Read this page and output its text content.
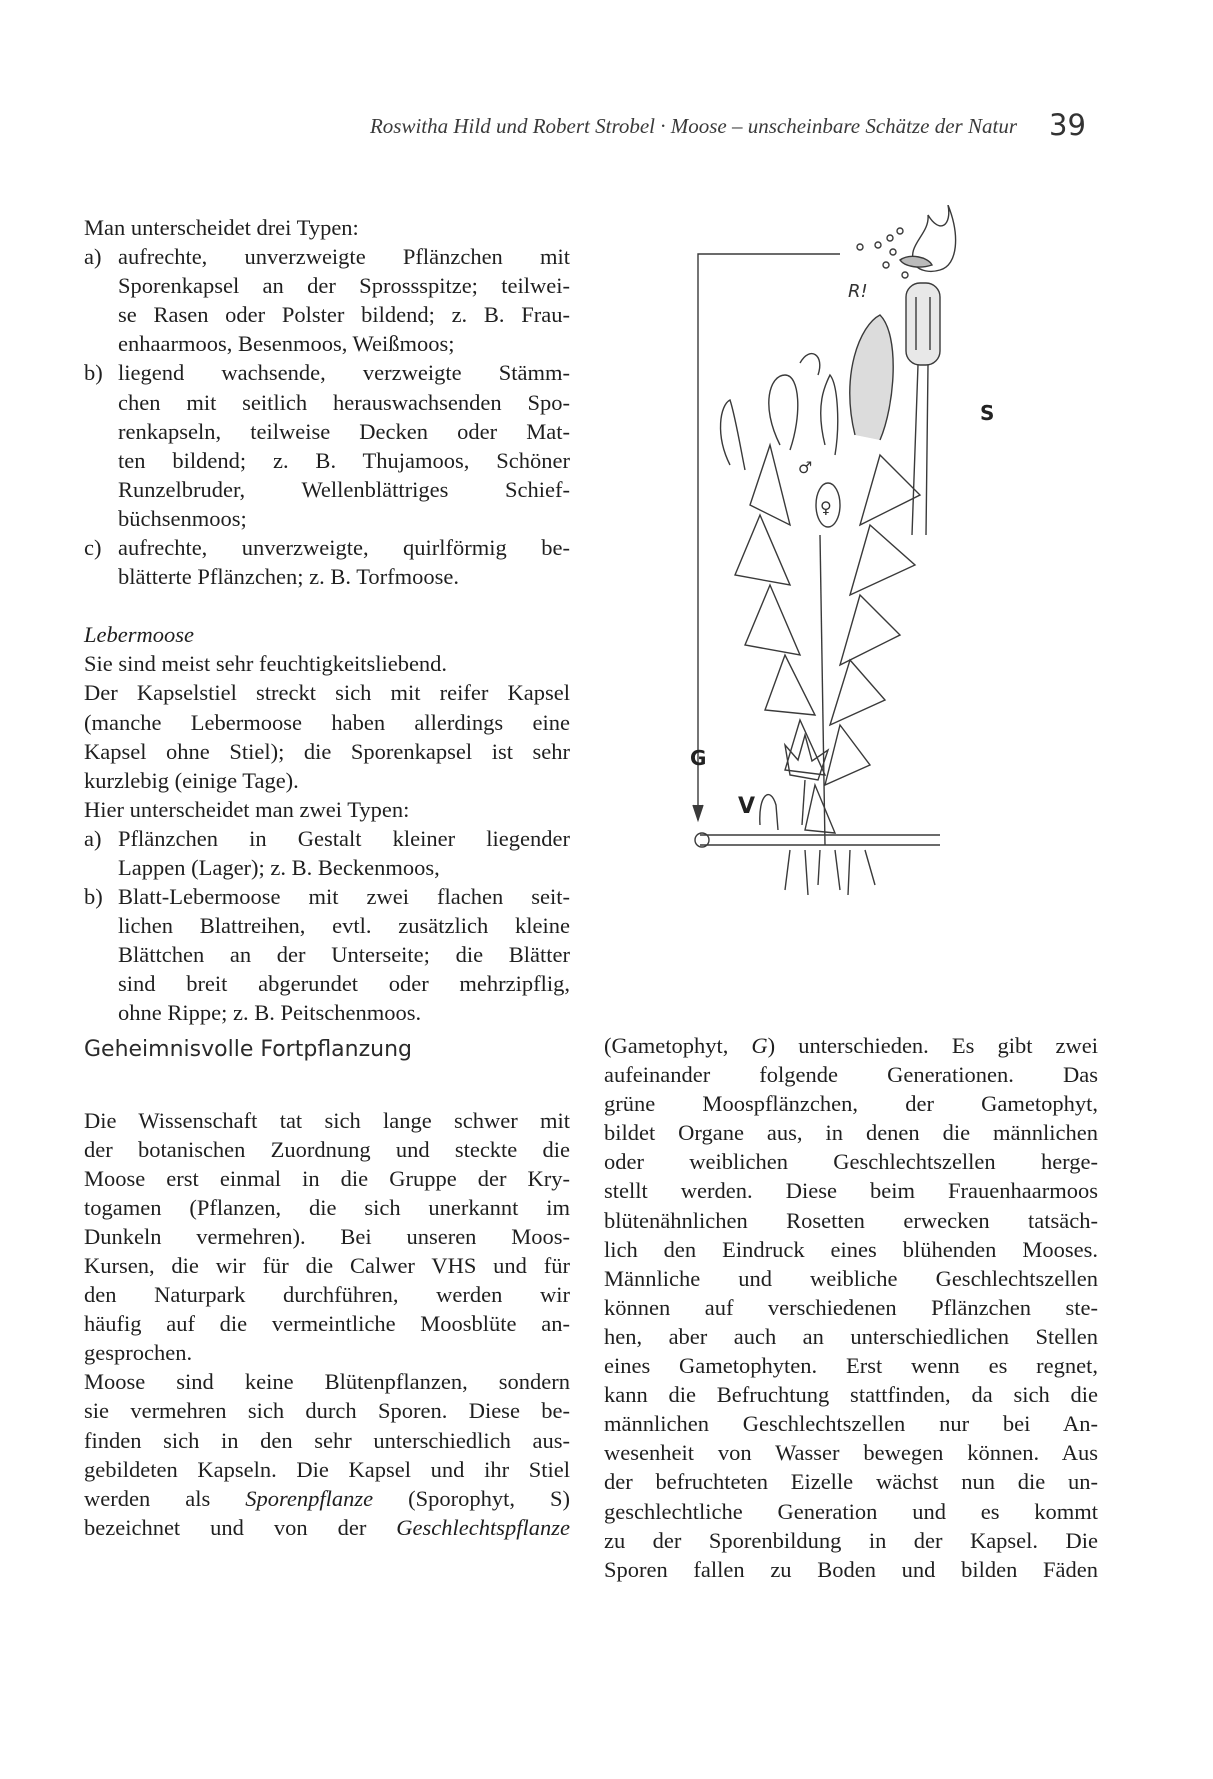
Roswitha Hild und Robert Strobel · Moose – unscheinbare Schätze der Natur 39
Man unterscheidet drei Typen:
a) aufrechte, unverzweigte Pflänzchen mit
Sporenkapsel an der Sprossspitze; teilwei-
se Rasen oder Polster bildend; z. B. Frau-
enhaarmoos, Besenmoos, Weißmoos;
b) liegend wachsende, verzweigte Stämm-
chen mit seitlich herauswachsenden Spo-
renkapseln, teilweise Decken oder Mat-
ten bildend; z. B. Thujamoos, Schöner
Runzelbruder, Wellenblättriges Schief-
büchsenmoos;
c) aufrechte, unverzweigte, quirlförmig be-
blätterte Pflänzchen; z. B. Torfmoose.
Lebermoose
Sie sind meist sehr feuchtigkeitsliebend.
Der Kapselstiel streckt sich mit reifer Kapsel
(manche Lebermoose haben allerdings eine
Kapsel ohne Stiel); die Sporenkapsel ist sehr
kurzlebig (einige Tage).
Hier unterscheidet man zwei Typen:
a) Pflänzchen in Gestalt kleiner liegender
Lappen (Lager); z. B. Beckenmoos,
b) Blatt-Lebermoose mit zwei flachen seit-
lichen Blattreihen, evtl. zusätzlich kleine
Blättchen an der Unterseite; die Blätter
sind breit abgerundet oder mehrzipflig,
ohne Rippe; z. B. Peitschenmoos.
Geheimnisvolle Fortpflanzung
Die Wissenschaft tat sich lange schwer mit
der botanischen Zuordnung und steckte die
Moose erst einmal in die Gruppe der Kry-
togamen (Pflanzen, die sich unerkannt im
Dunkeln vermehren). Bei unseren Moos-
Kursen, die wir für die Calwer VHS und für
den Naturpark durchführen, werden wir
häufig auf die vermeintliche Moosblüte an-
gesprochen.
Moose sind keine Blütenpflanzen, sondern
sie vermehren sich durch Sporen. Diese be-
finden sich in den sehr unterschiedlich aus-
gebildeten Kapseln. Die Kapsel und ihr Stiel
werden als Sporenpflanze (Sporophyt, S)
bezeichnet und von der Geschlechtspflanze
R!
S
G
V
♂
♀
(Gametophyt, G) unterschieden. Es gibt zwei
aufeinander folgende Generationen. Das
grüne Moospflänzchen, der Gametophyt,
bildet Organe aus, in denen die männlichen
oder weiblichen Geschlechtszellen herge-
stellt werden. Diese beim Frauenhaarmoos
blütenähnlichen Rosetten erwecken tatsäch-
lich den Eindruck eines blühenden Mooses.
Männliche und weibliche Geschlechtszellen
können auf verschiedenen Pflänzchen ste-
hen, aber auch an unterschiedlichen Stellen
eines Gametophyten. Erst wenn es regnet,
kann die Befruchtung stattfinden, da sich die
männlichen Geschlechtszellen nur bei An-
wesenheit von Wasser bewegen können. Aus
der befruchteten Eizelle wächst nun die un-
geschlechtliche Generation und es kommt
zu der Sporenbildung in der Kapsel. Die
Sporen fallen zu Boden und bilden Fäden
